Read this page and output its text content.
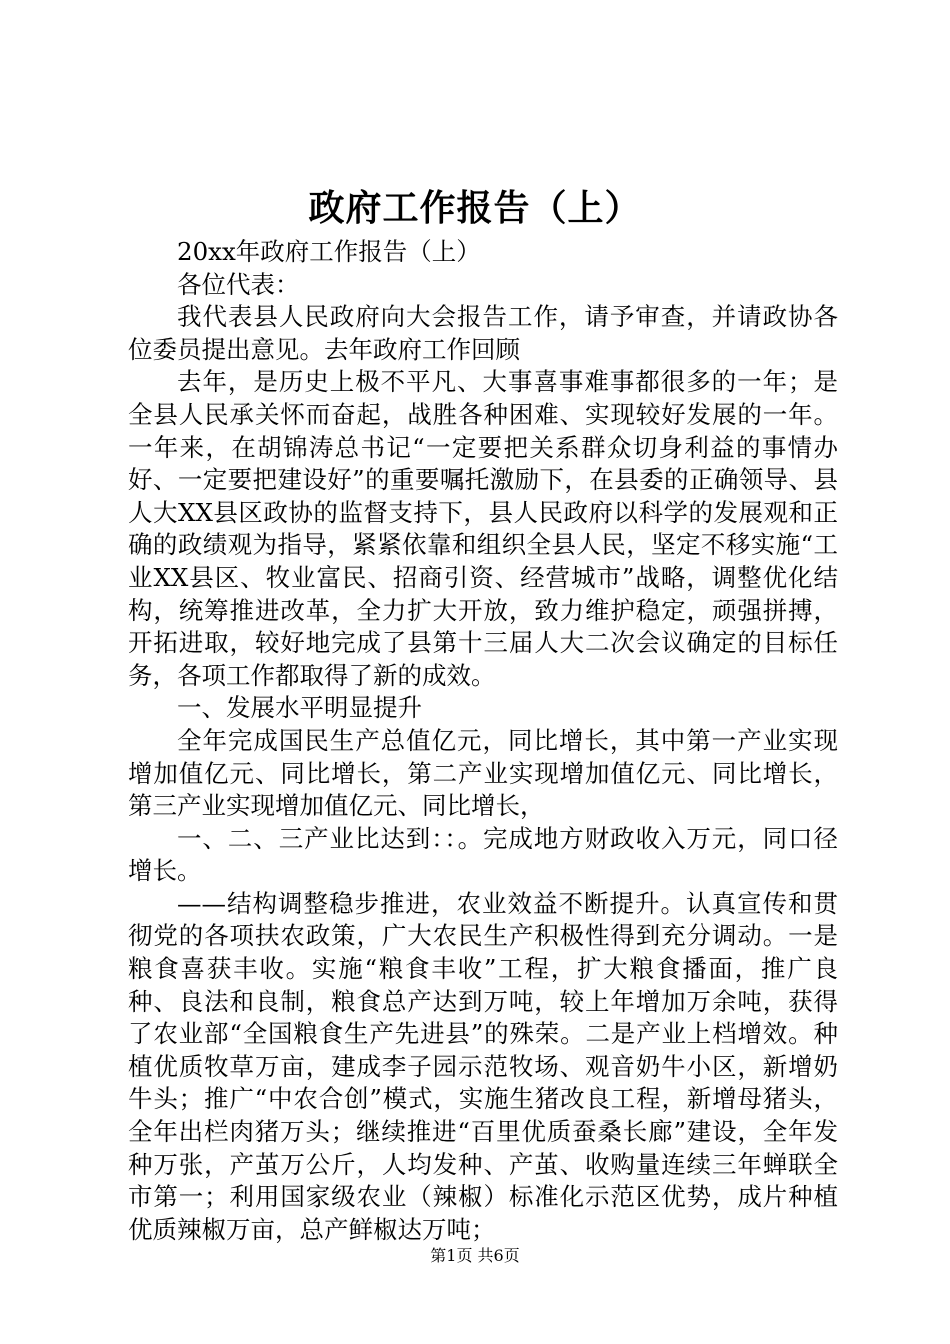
政府工作报告（上）

20xx年政府工作报告（上）

各位代表：

我代表县人民政府向大会报告工作，请予审查，并请政协各位委员提出意见。去年政府工作回顾

去年，是历史上极不平凡、大事喜事难事都很多的一年；是全县人民承关怀而奋起，战胜各种困难、实现较好发展的一年。一年来，在胡锦涛总书记“一定要把关系群众切身利益的事情办好、一定要把建设好”的重要嘱托激励下，在县委的正确领导、县人大XX县区政协的监督支持下，县人民政府以科学的发展观和正确的政绩观为指导，紧紧依靠和组织全县人民，坚定不移实施“工业XX县区、牧业富民、招商引资、经营城市”战略，调整优化结构，统筹推进改革，全力扩大开放，致力维护稳定，顽强拼搏，开拓进取，较好地完成了县第十三届人大二次会议确定的目标任务，各项工作都取得了新的成效。

一、发展水平明显提升

全年完成国民生产总值亿元，同比增长，其中第一产业实现增加值亿元、同比增长，第二产业实现增加值亿元、同比增长，第三产业实现增加值亿元、同比增长，

一、二、三产业比达到：：。完成地方财政收入万元，同口径增长。

——结构调整稳步推进，农业效益不断提升。认真宣传和贯彻党的各项扶农政策，广大农民生产积极性得到充分调动。一是粮食喜获丰收。实施“粮食丰收”工程，扩大粮食播面，推广良种、良法和良制，粮食总产达到万吨，较上年增加万余吨，获得了农业部“全国粮食生产先进县”的殊荣。二是产业上档增效。种植优质牧草万亩，建成李子园示范牧场、观音奶牛小区，新增奶牛头；推广“中农合创”模式，实施生猪改良工程，新增母猪头，全年出栏肉猪万头；继续推进“百里优质蚕桑长廊”建设，全年发种万张，产茧万公斤，人均发种、产茧、收购量连续三年蝉联全市第一；利用国家级农业（辣椒）标准化示范区优势，成片种植优质辣椒万亩，总产鲜椒达万吨；

第1页 共6页
